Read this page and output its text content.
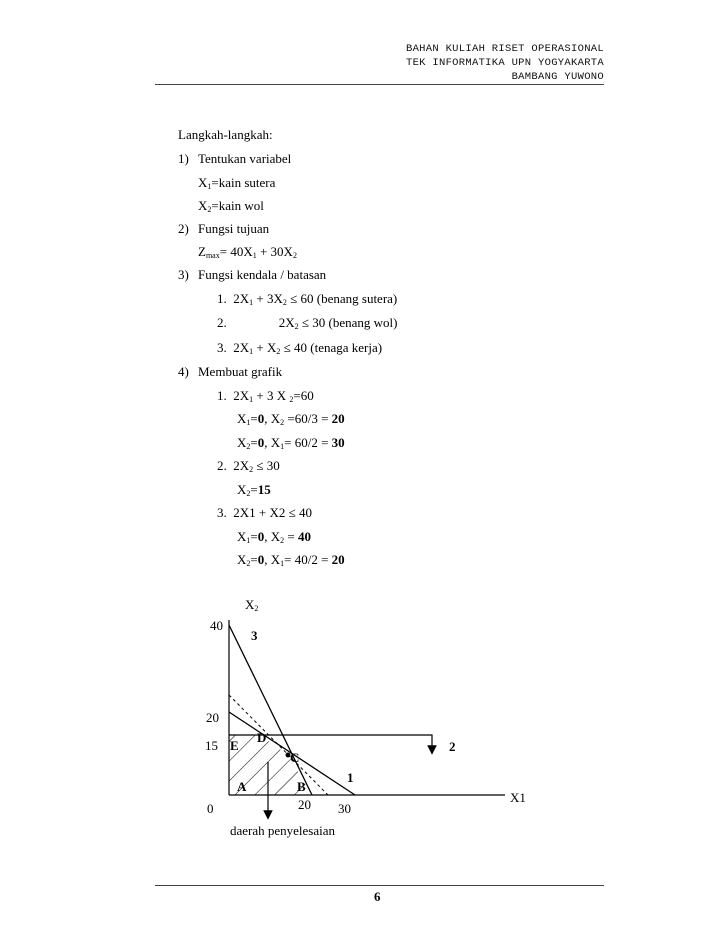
BAHAN KULIAH RISET OPERASIONAL
TEK INFORMATIKA UPN YOGYAKARTA
BAMBANG YUWONO
Langkah-langkah:
1) Tentukan variabel
$X_1=kain$ sutera
$X_2=kain$ wol
2) Fungsi tujuan
$Z_{max}= 40X_1 + 30X_2$
3) Fungsi kendala / batasan
1. $2X_1 + 3X_2 \le 60$ (benang sutera)
2.	$2X_2 \le 30$ (benang wol)
3. $2X_1 + X_2 \le 40$ (tenaga kerja)
4) Membuat grafik
1. $2X_1 + 3$ X $_2$=60
$X_1=0$, $X_2 =60/3 = 20$
$X_2=0$, $X_1= 60/2 = 30$
2. $2X_2 \le 30$
$X_2=15$
3. 2X1 + X2 ≤ 40
$X_1=0$, $X_2 = 40$
$X_2=0$, $X_1= 40/2 = 20$
$X_2$
X1
40
20
15
0	20 30
1
2
3
A	B
C
D
E
daerah penyelesaian
6
